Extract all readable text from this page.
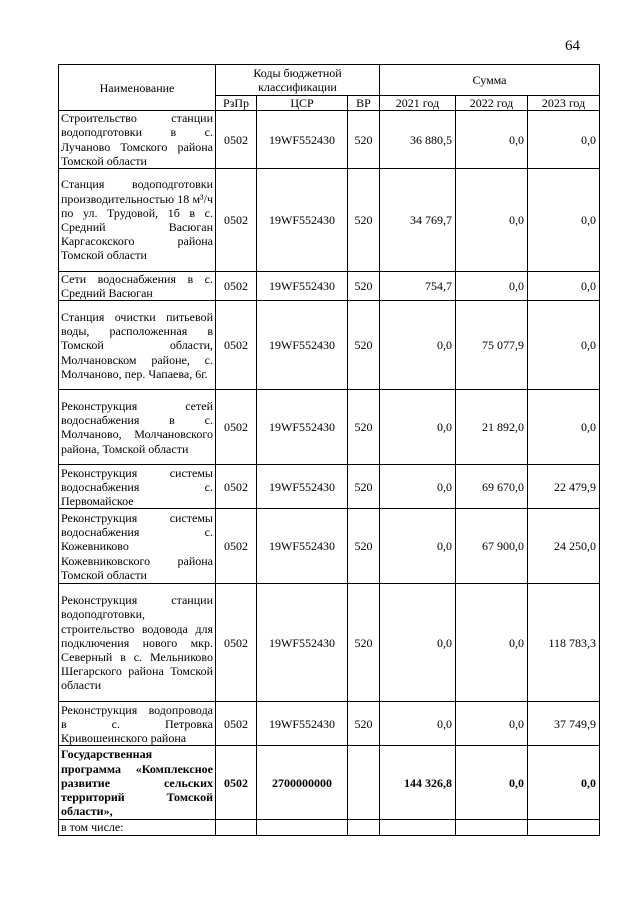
64
Наименование	Коды бюджетной классификации			Сумма		
	РзПр	ЦСР	ВР	2021 год	2022 год	2023 год
Строительство станции водоподготовки в с. Лучаново Томского района Томской области	0502	19WF552430	520	36 880,5	0,0	0,0
Станция водоподготовки производительностью 18 м³/ч по ул. Трудовой, 1б в с. Средний Васюган Каргасокского района Томской области	0502	19WF552430	520	34 769,7	0,0	0,0
Сети водоснабжения в с. Средний Васюган	0502	19WF552430	520	754,7	0,0	0,0
Станция очистки питьевой воды, расположенная в Томской области, Молчановском районе, с. Молчаново, пер. Чапаева, 6г.	0502	19WF552430	520	0,0	75 077,9	0,0
Реконструкция сетей водоснабжения в с. Молчаново, Молчановского района, Томской области	0502	19WF552430	520	0,0	21 892,0	0,0
Реконструкция системы водоснабжения с. Первомайское	0502	19WF552430	520	0,0	69 670,0	22 479,9
Реконструкция системы водоснабжения с. Кожевниково Кожевниковского района Томской области	0502	19WF552430	520	0,0	67 900,0	24 250,0
Реконструкция станции водоподготовки, строительство водовода для подключения нового мкр. Северный в с. Мельниково Шегарского района Томской области	0502	19WF552430	520	0,0	0,0	118 783,3
Реконструкция водопровода в с. Петровка Кривошеинского района	0502	19WF552430	520	0,0	0,0	37 749,9
Государственная программа «Комплексное развитие сельских территорий Томской области»,	0502	2700000000		144 326,8	0,0	0,0
в том числе:						
